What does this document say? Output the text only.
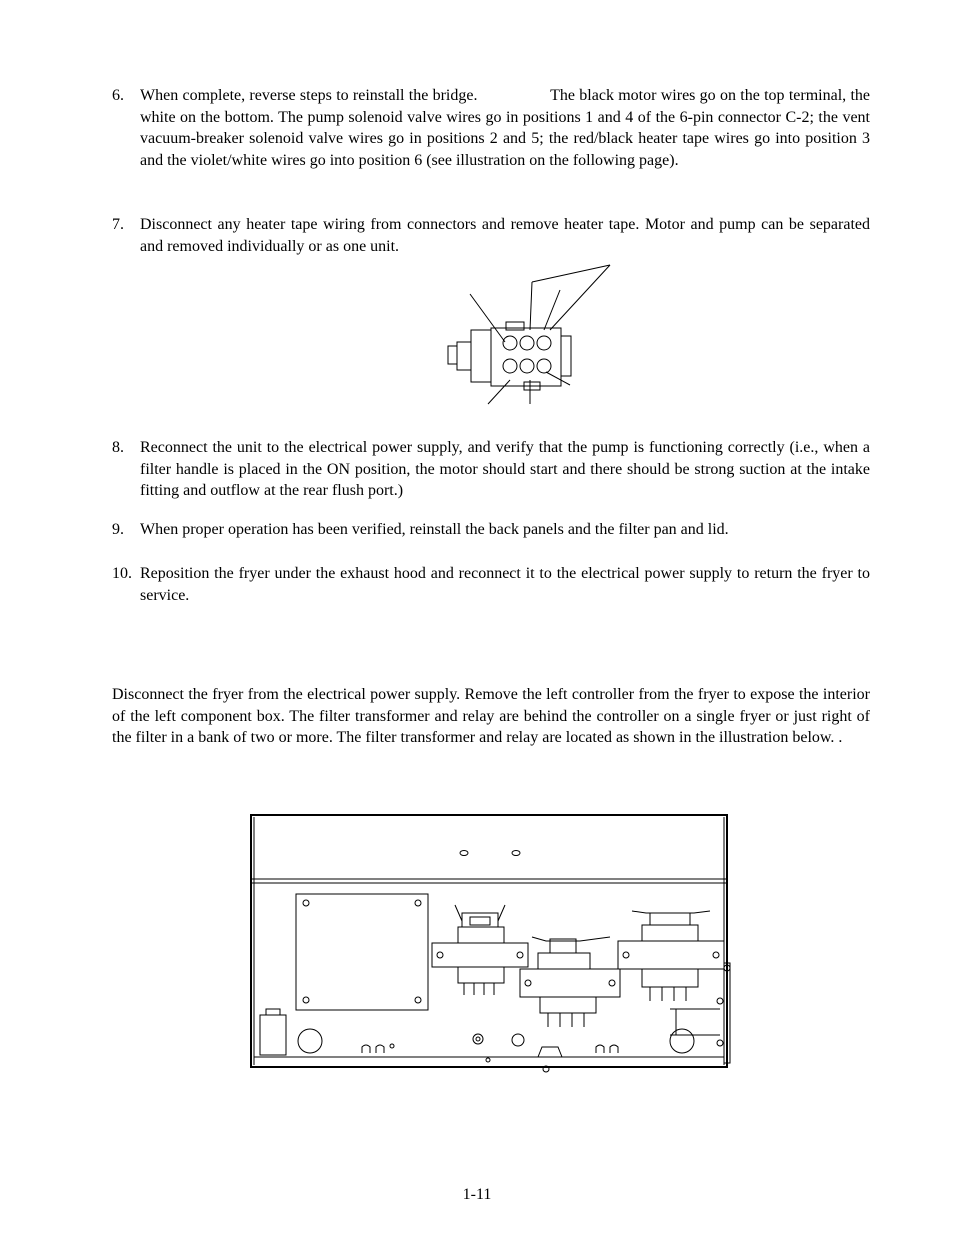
6.	When complete, reverse steps to reinstall the bridge.                 The black motor wires go on the top terminal, the white on the bottom. The pump solenoid valve wires go in positions 1 and 4 of the 6-pin connector C-2; the vent vacuum-breaker solenoid valve wires go in positions 2 and 5; the red/black heater tape wires go into position 3 and the violet/white wires go into position 6 (see illustration on the following page).
7.	Disconnect any heater tape wiring from connectors and remove heater tape. Motor and pump can be separated and removed individually or as one unit.
8.	Reconnect the unit to the electrical power supply, and verify that the pump is functioning correctly (i.e., when a filter handle is placed in the ON position, the motor should start and there should be strong suction at the intake fitting and outflow at the rear flush port.)
9.	When proper operation has been verified, reinstall the back panels and the filter pan and lid.
10. Reposition the fryer under the exhaust hood and reconnect it to the electrical power supply to return the fryer to service.
Disconnect the fryer from the electrical power supply. Remove the left controller from the fryer to expose the interior of the left component box. The filter transformer and relay are behind the controller on a single fryer or just right of the filter in a bank of two or more. The filter transformer and relay are located as shown in the illustration below. .
1-11
